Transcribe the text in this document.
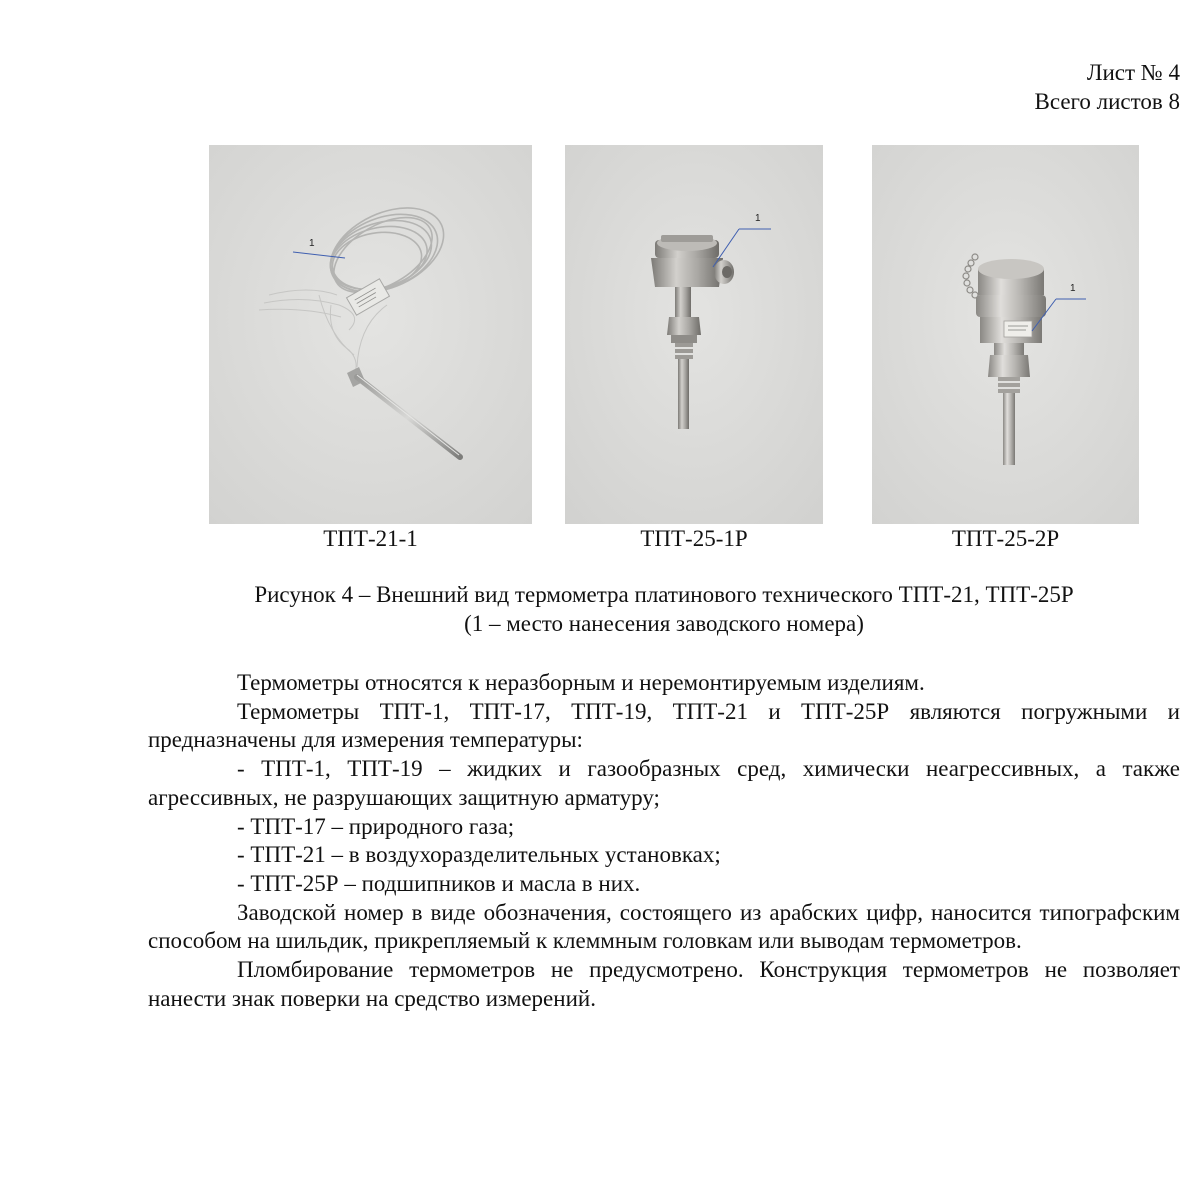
Лист № 4
Всего листов 8
1
1
1
ТПТ-21-1	ТПТ-25-1Р	ТПТ-25-2Р
Рисунок 4 – Внешний вид термометра платинового технического ТПТ-21, ТПТ-25Р
(1 – место нанесения заводского номера)

Термометры относятся к неразборным и неремонтируемым изделиям.

Термометры ТПТ-1, ТПТ-17, ТПТ-19, ТПТ-21 и ТПТ-25Р являются погружными и предназначены для измерения температуры:

- ТПТ-1, ТПТ-19 – жидких и газообразных сред, химически неагрессивных, а также агрессивных, не разрушающих защитную арматуру;

- ТПТ-17 – природного газа;

- ТПТ-21 – в воздухоразделительных установках;

- ТПТ-25Р – подшипников и масла в них.

Заводской номер в виде обозначения, состоящего из арабских цифр, наносится типографским способом на шильдик, прикрепляемый к клеммным головкам или выводам термометров.

Пломбирование термометров не предусмотрено. Конструкция термометров не позволяет нанести знак поверки на средство измерений.
